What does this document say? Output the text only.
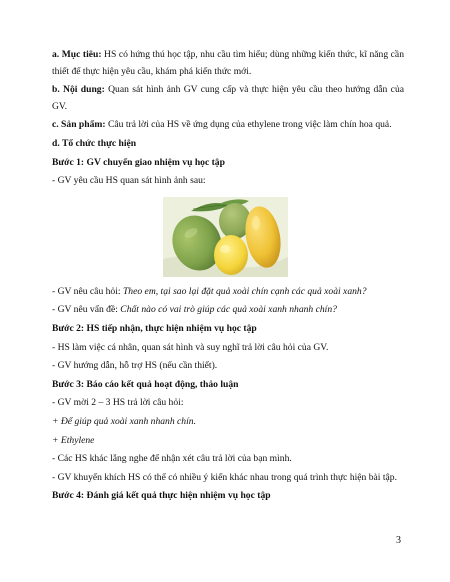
a. Mục tiêu: HS có hứng thú học tập, nhu cầu tìm hiểu; dùng những kiến thức, kĩ năng cần thiết để thực hiện yêu cầu, khám phá kiến thức mới.

b. Nội dung: Quan sát hình ảnh GV cung cấp và thực hiện yêu cầu theo hướng dẫn của GV.

c. Sản phẩm: Câu trả lời của HS về ứng dụng của ethylene trong việc làm chín hoa quả.

d. Tổ chức thực hiện

Bước 1: GV chuyển giao nhiệm vụ học tập

- GV yêu cầu HS quan sát hình ảnh sau:

- GV nêu câu hỏi: Theo em, tại sao lại đặt quả xoài chín cạnh các quả xoài xanh?

- GV nêu vấn đề: Chất nào có vai trò giúp các quả xoài xanh nhanh chín?

Bước 2: HS tiếp nhận, thực hiện nhiệm vụ học tập

- HS làm việc cá nhân, quan sát hình và suy nghĩ trả lời câu hỏi của GV.

- GV hướng dẫn, hỗ trợ HS (nếu cần thiết).

Bước 3: Báo cáo kết quả hoạt động, thảo luận

- GV mời 2 – 3 HS trả lời câu hỏi:

+ Để giúp quả xoài xanh nhanh chín.

+ Ethylene

- Các HS khác lắng nghe để nhận xét câu trả lời của bạn mình.

- GV khuyến khích HS có thể có nhiều ý kiến khác nhau trong quá trình thực hiện bài tập.

Bước 4: Đánh giá kết quả thực hiện nhiệm vụ học tập

3
